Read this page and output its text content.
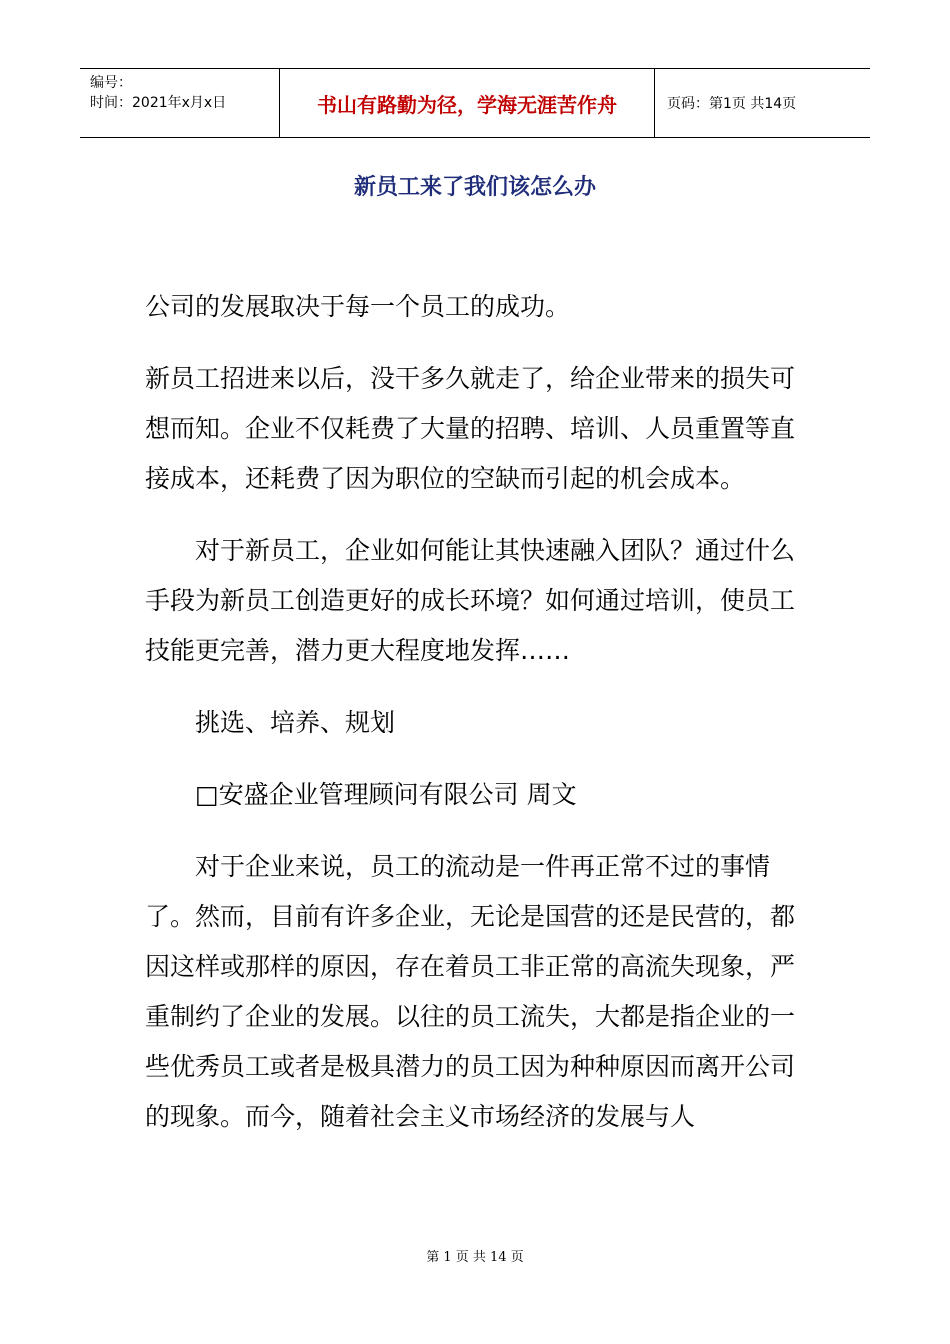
编号：
时间：2021年x月x日	书山有路勤为径，学海无涯苦作舟	页码：第1页 共14页
新员工来了我们该怎么办

公司的发展取决于每一个员工的成功。

新员工招进来以后，没干多久就走了，给企业带来的损失可想而知。企业不仅耗费了大量的招聘、培训、人员重置等直接成本，还耗费了因为职位的空缺而引起的机会成本。

对于新员工，企业如何能让其快速融入团队？通过什么手段为新员工创造更好的成长环境？如何通过培训，使员工技能更完善，潜力更大程度地发挥……

挑选、培养、规划

□安盛企业管理顾问有限公司 周文

对于企业来说，员工的流动是一件再正常不过的事情了。然而，目前有许多企业，无论是国营的还是民营的，都因这样或那样的原因，存在着员工非正常的高流失现象，严重制约了企业的发展。以往的员工流失，大都是指企业的一些优秀员工或者是极具潜力的员工因为种种原因而离开公司的现象。而今，随着社会主义市场经济的发展与人

第 1 页 共 14 页
